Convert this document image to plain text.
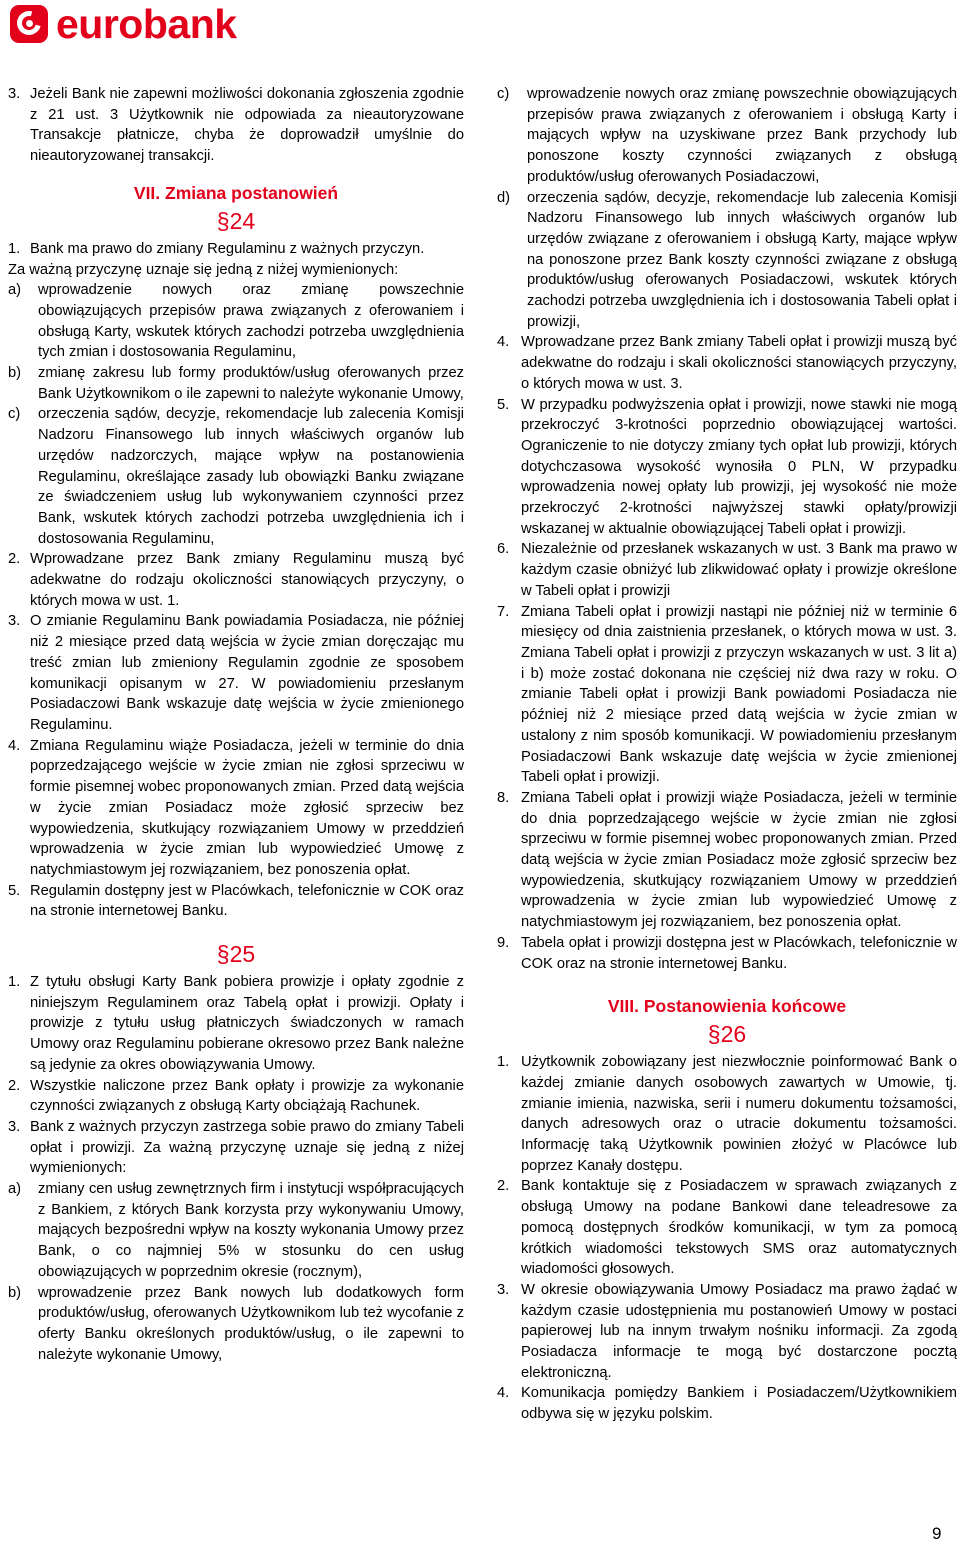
eurobank
3. Jeżeli Bank nie zapewni możliwości dokonania zgłoszenia zgodnie z 21 ust. 3 Użytkownik nie odpowiada za nieautoryzowane Transakcje płatnicze, chyba że doprowadził umyślnie do nieautoryzowanej transakcji.
VII. Zmiana postanowień
§24
1. Bank ma prawo do zmiany Regulaminu z ważnych przyczyn.
Za ważną przyczynę uznaje się jedną z niżej wymienionych:
a)	wprowadzenie nowych oraz zmianę powszechnie obowiązujących przepisów prawa związanych z oferowaniem i obsługą Karty, wskutek których zachodzi potrzeba uwzględnienia tych zmian i dostosowania Regulaminu,
b)	zmianę zakresu lub formy produktów/usług oferowanych przez Bank Użytkownikom o ile zapewni to należyte wykonanie Umowy,
c)	orzeczenia sądów, decyzje, rekomendacje lub zalecenia Komisji Nadzoru Finansowego lub innych właściwych organów lub urzędów nadzorczych, mające wpływ na postanowienia Regulaminu, określające zasady lub obowiązki Banku związane ze świadczeniem usług lub wykonywaniem czynności przez Bank, wskutek których zachodzi potrzeba uwzględnienia ich i dostosowania Regulaminu,
2. Wprowadzane przez Bank zmiany Regulaminu muszą być adekwatne do rodzaju okoliczności stanowiących przyczyny, o których mowa w ust. 1.
3. O zmianie Regulaminu Bank powiadamia Posiadacza, nie później niż 2 miesiące przed datą wejścia w życie zmian doręczając mu treść zmian lub zmieniony Regulamin zgodnie ze sposobem komunikacji opisanym w 27. W powiadomieniu przesłanym Posiadaczowi Bank wskazuje datę wejścia w życie zmienionego Regulaminu.
4. Zmiana Regulaminu wiąże Posiadacza, jeżeli w terminie do dnia poprzedzającego wejście w życie zmian nie zgłosi sprzeciwu w formie pisemnej wobec proponowanych zmian. Przed datą wejścia w życie zmian Posiadacz może zgłosić sprzeciw bez wypowiedzenia, skutkujący rozwiązaniem Umowy w przeddzień wprowadzenia w życie zmian lub wypowiedzieć Umowę z natychmiastowym jej rozwiązaniem, bez ponoszenia opłat.
5. Regulamin dostępny jest w Placówkach, telefonicznie w COK oraz na stronie internetowej Banku.
§25
1. Z tytułu obsługi Karty Bank pobiera prowizje i opłaty zgodnie z niniejszym Regulaminem oraz Tabelą opłat i prowizji. Opłaty i prowizje z tytułu usług płatniczych świadczonych w ramach Umowy oraz Regulaminu pobierane okresowo przez Bank należne są jedynie za okres obowiązywania Umowy.
2. Wszystkie naliczone przez Bank opłaty i prowizje za wykonanie czynności związanych z obsługą Karty obciążają Rachunek.
3. Bank z ważnych przyczyn zastrzega sobie prawo do zmiany Tabeli opłat i prowizji. Za ważną przyczynę uznaje się jedną z niżej wymienionych:
a)	zmiany cen usług zewnętrznych firm i instytucji współpracujących z Bankiem, z których Bank korzysta przy wykonywaniu Umowy, mających bezpośredni wpływ na koszty wykonania Umowy przez Bank, o co najmniej 5% w stosunku do cen usług obowiązujących w poprzednim okresie (rocznym),
b)	wprowadzenie przez Bank nowych lub dodatkowych form produktów/usług, oferowanych Użytkownikom lub też wycofanie z oferty Banku określonych produktów/usług, o ile zapewni to należyte wykonanie Umowy,
c)	wprowadzenie nowych oraz zmianę powszechnie obowiązujących przepisów prawa związanych z oferowaniem i obsługą Karty i mających wpływ na uzyskiwane przez Bank przychody lub ponoszone koszty czynności związanych z obsługą produktów/usług oferowanych Posiadaczowi,
d)	orzeczenia sądów, decyzje, rekomendacje lub zalecenia Komisji Nadzoru Finansowego lub innych właściwych organów lub urzędów związane z oferowaniem i obsługą Karty, mające wpływ na ponoszone przez Bank koszty czynności związane z obsługą produktów/usług oferowanych Posiadaczowi, wskutek których zachodzi potrzeba uwzględnienia ich i dostosowania Tabeli opłat i prowizji,
4. Wprowadzane przez Bank zmiany Tabeli opłat i prowizji muszą być adekwatne do rodzaju i skali okoliczności stanowiących przyczyny, o których mowa w ust. 3.
5. W przypadku podwyższenia opłat i prowizji, nowe stawki nie mogą przekroczyć 3-krotności poprzednio obowiązującej wartości. Ograniczenie to nie dotyczy zmiany tych opłat lub prowizji, których dotychczasowa wysokość wynosiła 0 PLN, W przypadku wprowadzenia nowej opłaty lub prowizji, jej wysokość nie może przekroczyć 2-krotności najwyższej stawki opłaty/prowizji wskazanej w aktualnie obowiązującej Tabeli opłat i prowizji.
6. Niezależnie od przesłanek wskazanych w ust. 3 Bank ma prawo w każdym czasie obniżyć lub zlikwidować opłaty i prowizje określone w Tabeli opłat i prowizji
7. Zmiana Tabeli opłat i prowizji nastąpi nie później niż w terminie 6 miesięcy od dnia zaistnienia przesłanek, o których mowa w ust. 3. Zmiana Tabeli opłat i prowizji z przyczyn wskazanych w ust. 3 lit a) i b) może zostać dokonana nie częściej niż dwa razy w roku. O zmianie Tabeli opłat i prowizji Bank powiadomi Posiadacza nie później niż 2 miesiące przed datą wejścia w życie zmian w ustalony z nim sposób komunikacji. W powiadomieniu przesłanym Posiadaczowi Bank wskazuje datę wejścia w życie zmienionej Tabeli opłat i prowizji.
8. Zmiana Tabeli opłat i prowizji wiąże Posiadacza, jeżeli w terminie do dnia poprzedzającego wejście w życie zmian nie zgłosi sprzeciwu w formie pisemnej wobec proponowanych zmian. Przed datą wejścia w życie zmian Posiadacz może zgłosić sprzeciw bez wypowiedzenia, skutkujący rozwiązaniem Umowy w przeddzień wprowadzenia w życie zmian lub wypowiedzieć Umowę z natychmiastowym jej rozwiązaniem, bez ponoszenia opłat.
9. Tabela opłat i prowizji dostępna jest w Placówkach, telefonicznie w COK oraz na stronie internetowej Banku.
VIII. Postanowienia końcowe
§26
1. Użytkownik zobowiązany jest niezwłocznie poinformować Bank o każdej zmianie danych osobowych zawartych w Umowie, tj. zmianie imienia, nazwiska, serii i numeru dokumentu tożsamości, danych adresowych oraz o utracie dokumentu tożsamości. Informację taką Użytkownik powinien złożyć w Placówce lub poprzez Kanały dostępu.
2. Bank kontaktuje się z Posiadaczem w sprawach związanych z obsługą Umowy na podane Bankowi dane teleadresowe za pomocą dostępnych środków komunikacji, w tym za pomocą krótkich wiadomości tekstowych SMS oraz automatycznych wiadomości głosowych.
3. W okresie obowiązywania Umowy Posiadacz ma prawo żądać w każdym czasie udostępnienia mu postanowień Umowy w postaci papierowej lub na innym trwałym nośniku informacji. Za zgodą Posiadacza informacje te mogą być dostarczone pocztą elektroniczną.
4. Komunikacja pomiędzy Bankiem i Posiadaczem/Użytkownikiem odbywa się w języku polskim.
9
